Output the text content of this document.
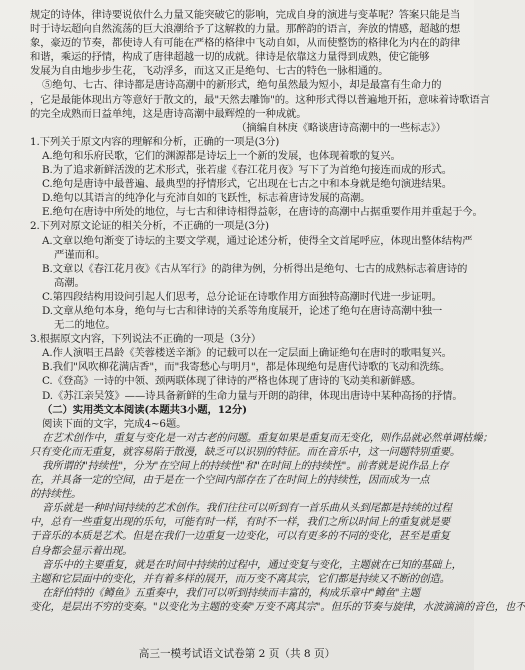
规定的诗体，律诗要说依什么力量又能突破它的影响，完成自身的演进与变革呢？答案只能是当

时于诗坛超向自然流荡的巨大浪潮给予了这解救的力量。那醉韵的语言，奔放的情感，超越的想

象，豪迈的节奏，都使诗人有可能在严格的格律中飞动自如，从而使整饬的格律化为内在的韵律

和谐，乘运的抒情，构成了唐律超越一切的成就。律诗是依靠这力量得到成熟，使它能够

发展为自由地步步生花，飞动浮多，而这又正是绝句、七古的特色一脉相通的。

⑤绝句、七古、律诗都是唐诗高潮中的新形式，绝句虽然最为短小，却是最富有生命力的

，它是最能体现出方等意好于散文的，最"天然去雕饰"的。这种形式得以普遍地开拓，意味着诗歌语言

的完全成熟而日益单纯，这是唐诗高潮中最辉煌的一种成就。

（摘编自林庚《略谈唐诗高潮中的一些标志》）

1.下列关于原文内容的理解和分析，正确的一项是(3分)

A.绝句和乐府民歌，它们的渊源都是诗坛上一个新的发展，也体现着歌的复兴。

B.为了追求新鲜活泼的艺术形式，张若虚《春江花月夜》写下了为首绝句接连而成的形式。

C.绝句是唐诗中最普遍、最典型的抒情形式，它出现在七古之中和本身就是绝句演进结果。

D.绝句以其语言的纯净化与充沛自如的飞跃性，标志着唐诗发展的高潮。

E.绝句在唐诗中所处的地位，与七古和律诗相得益彰，在唐诗的高潮中占据重要作用并重起于今。

2.下列对原文论证的相关分析，不正确的一项是(3分)

A.文章以绝句渐变了诗坛的主要文学观，通过论述分析，使得全文首尾呼应，体现出整体结构严

严谨而和。

B.文章以《春江花月夜》《古从军行》的韵律为例，分析得出是绝句、七古的成熟标志着唐诗的

高潮。

C.第四段结构用设问引起人们思考，总分论证在诗歌作用方面独特高潮时代进一步证明。

D.文章从绝句本身，绝句与七古和律诗的关系等角度展开，论述了绝句在唐诗高潮中独一

无二的地位。

3.根据原文内容，下列说法不正确的一项是（3分）

A.作人演唱王昌龄《芙蓉楼送辛渐》的记载可以在一定层面上确证绝句在唐时的歌唱复兴。

B.我们"风吹柳花满店香"，而"我寄愁心与明月"，都是体现绝句是唐代诗歌的飞动和洗练。

C.《登高》一诗的中领、颈两联体现了律诗的严格也体现了唐诗的飞动美和新鲜感。

D.《苏江亲吴笈》——诗具备新鲜的生命力量与开朗的韵律，体现出唐诗中某种高扬的抒情。

（二）实用类文本阅读(本题共3小题，12分)

阅读下面的文字，完成4~6题。

在艺术创作中，重复与变化是一对古老的问题。重复如果是重复而无变化，则作品就必然单调枯燥；

只有变化而无重复，就容易陷于散漫，缺乏可以识别的特征。而在音乐中，这一问题特别重要。

我所谓的"持续性"，分为"在空间上的持续性"和"在时间上的持续性"。前者就是说作品上存

在，并具备一定的空间，由于是在一个空间内部存在了在时间上的持续性，因而成为一点

的持续性。

音乐就是一种时间持续的艺术创作。我们往往可以听到有一首乐曲从头到尾都是持续的过程

中，总有一些重复出现的乐句，可能有时一样，有时不一样，我们之所以时间上的重复就是要

于音乐的本质是艺术。但是在我们一边重复一边变化，可以有更多的不同的变化，甚至是重复

自身都会显示着出现。

音乐中的主要重复，就是在时间中持续的过程中，通过变复与变化，主题就在已知的基础上，

主题和它层面中的变化，并有着多样的展开，而万变不离其宗，它们都是持续又不断的创造。

在舒伯特的《鳟鱼》五重奏中，我们可以听到持续而丰富的，构成乐章中"鳟鱼"主题

变化，是层出不穷的变奏。"以变化为主题的变奏"万变不离其宗"。但乐的节奏与旋律，水波滴滴的音色，也不

高三一模考试语文试卷第 2 页（共 8 页）
